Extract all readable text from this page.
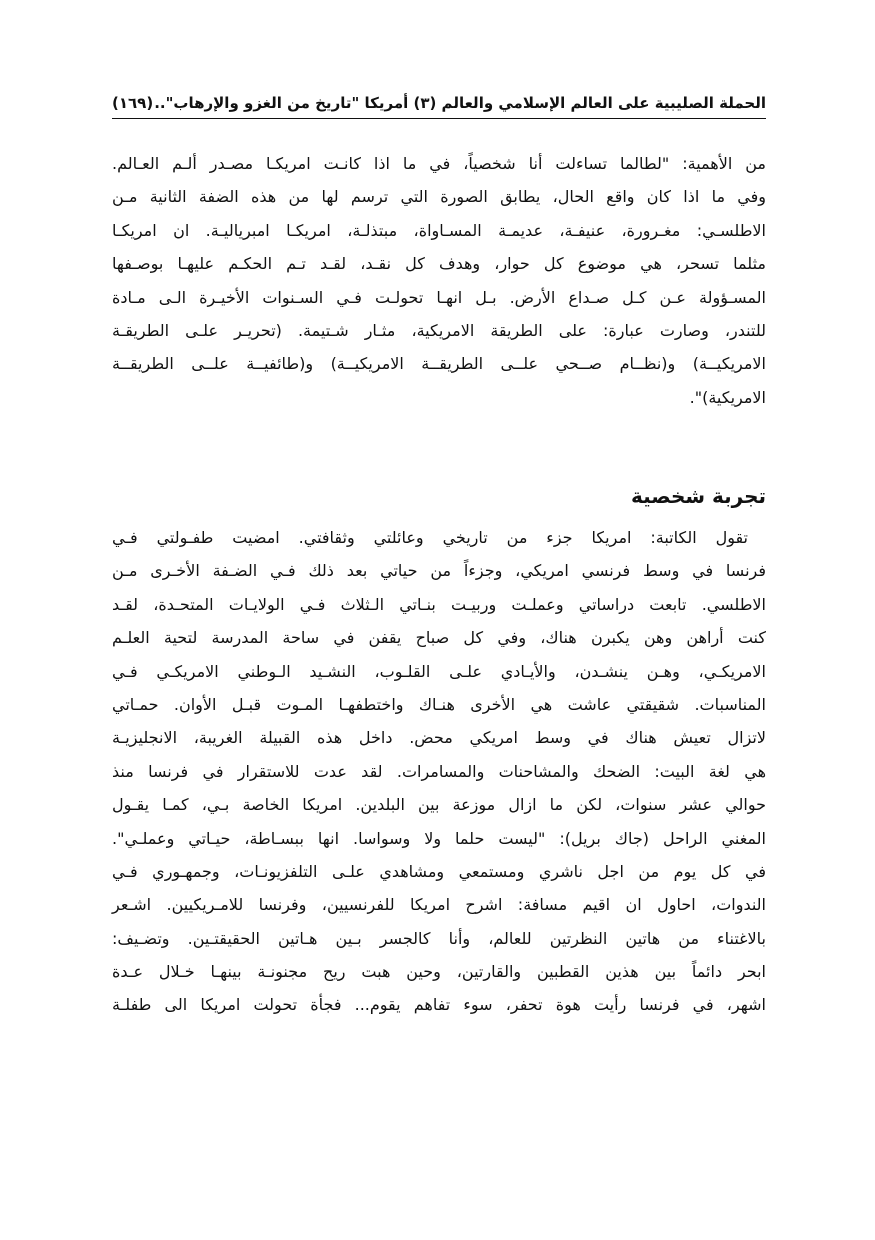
الحملة الصليبية على العالم الإسلامي والعالم (٣) أمريكا "تاريخ من الغزو والإرهاب"..
(١٦٩)
من الأهمية: "لطالما تساءلت أنا شخصياً، في ما اذا كانـت امريكـا مصـدر ألـم العـالم.
وفي ما اذا كان واقع الحال، يطابق الصورة التي ترسم لها من هذه الضفة الثانية مـن
الاطلسـي: مغـرورة، عنيفـة، عديمـة المسـاواة، مبتذلـة، امريكـا امبرياليـة. ان امريكـا
مثلما تسحر، هي موضوع كل حوار، وهدف كل نقـد، لقـد تـم الحكـم عليهـا بوصـفها
المسـؤولة عـن كـل صـداع الأرض. بـل انهـا تحولـت فـي السـنوات الأخيـرة الـى مـادة
للتندر، وصارت عبارة: على الطريقة الامريكية، مثـار شـتيمة. (تحريـر علـى الطريقـة
الامريكيــة) و(نظــام صــحي علــى الطريقــة الامريكيــة) و(طائفيــة علــى الطريقــة
الامريكية)".
تجربة شخصية
تقول الكاتبة: امريكا جزء من تاريخي وعائلتي وثقافتي. امضيت طفـولتي فـي
فرنسا في وسط فرنسي امريكي، وجزءاً من حياتي بعد ذلك فـي الضـفة الأخـرى مـن
الاطلسي. تابعت دراساتي وعملـت وربيـت بنـاتي الـثلاث فـي الولايـات المتحـدة، لقـد
كنت أراهن وهن يكبرن هناك، وفي كل صباح يقفن في ساحة المدرسة لتحية العلـم
الامريكـي، وهـن ينشـدن، والأيـادي علـى القلـوب، النشـيد الـوطني الامريكـي فـي
المناسبات. شقيقتي عاشت هي الأخرى هنـاك واختطفهـا المـوت قبـل الأوان. حمـاتي
لاتزال تعيش هناك في وسط امريكي محض. داخل هذه القبيلة الغريبة، الانجليزيـة
هي لغة البيت: الضحك والمشاحنات والمسامرات. لقد عدت للاستقرار في فرنسا منذ
حوالي عشر سنوات، لكن ما ازال موزعة بين البلدين. امريكا الخاصة بـي، كمـا يقـول
المغني الراحل (جاك بريل): "ليست حلما ولا وسواسا. انها ببسـاطة، حيـاتي وعملـي".
في كل يوم من اجل ناشري ومستمعي ومشاهدي علـى التلفزيونـات، وجمهـوري فـي
الندوات، احاول ان اقيم مسافة: اشرح امريكا للفرنسيين، وفرنسا للامـريكيين. اشـعر
بالاغتناء من هاتين النظرتين للعالم، وأنا كالجسر بـين هـاتين الحقيقتـين. وتضـيف:
ابحر دائماً بين هذين القطبين والقارتين، وحين هبت ريح مجنونـة بينهـا خـلال عـدة
اشهر، في فرنسا رأيت هوة تحفر، سوء تفاهم يقوم... فجأة تحولت امريكا الى طفلـة
